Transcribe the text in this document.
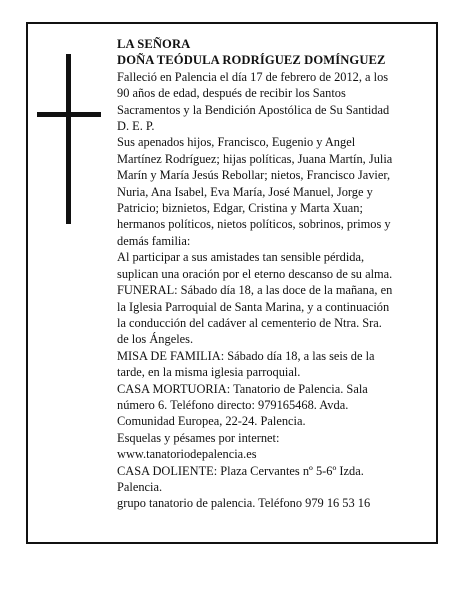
LA SEÑORA
DOÑA TEÓDULA RODRÍGUEZ DOMÍNGUEZ

Falleció en Palencia el día 17 de febrero de 2012, a los
90 años de edad, después de recibir los Santos
Sacramentos y la Bendición Apostólica de Su Santidad
D. E. P.

Sus apenados hijos, Francisco, Eugenio y Angel
Martínez Rodríguez; hijas políticas, Juana Martín, Julia
Marín y María Jesús Rebollar; nietos, Francisco Javier,
Nuria, Ana Isabel, Eva María, José Manuel, Jorge y
Patricio; biznietos, Edgar, Cristina y Marta Xuan;
hermanos políticos, nietos políticos, sobrinos, primos y
demás familia:

Al participar a sus amistades tan sensible pérdida,
suplican una oración por el eterno descanso de su alma.

FUNERAL: Sábado día 18, a las doce de la mañana, en
la Iglesia Parroquial de Santa Marina, y a continuación
la conducción del cadáver al cementerio de Ntra. Sra.
de los Ángeles.

MISA DE FAMILIA: Sábado día 18, a las seis de la
tarde, en la misma iglesia parroquial.

CASA MORTUORIA: Tanatorio de Palencia. Sala
número 6. Teléfono directo: 979165468. Avda.
Comunidad Europea, 22-24. Palencia.

Esquelas y pésames por internet:
www.tanatoriodepalencia.es

CASA DOLIENTE: Plaza Cervantes nº 5-6º Izda.
Palencia.

grupo tanatorio de palencia. Teléfono 979 16 53 16
